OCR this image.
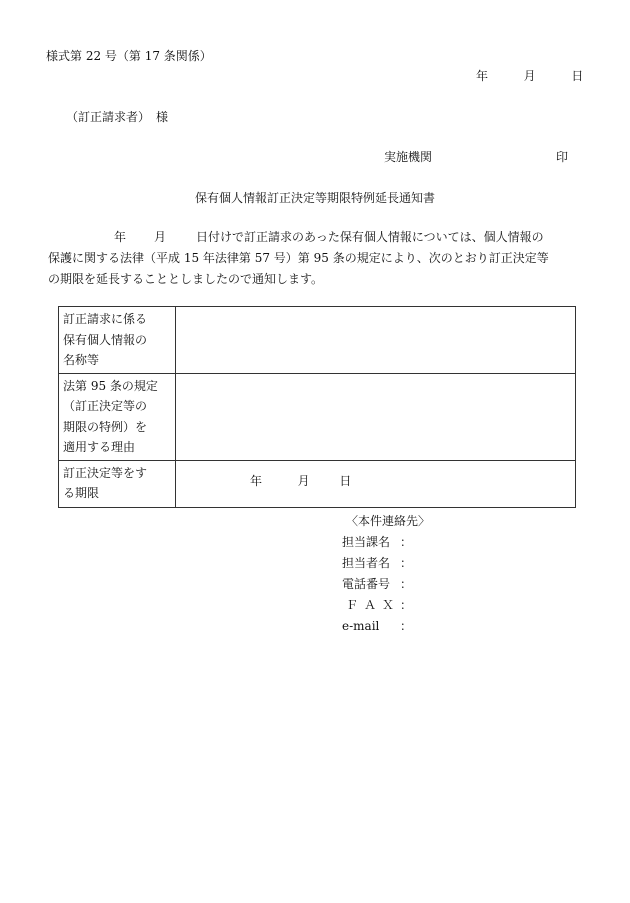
様式第 22 号（第 17 条関係）
年	月	日
（訂正請求者）　様
実施機関	印
保有個人情報訂正決定等期限特例延長通知書
年 月	日付けで訂正請求のあった保有個人情報については、個人情報の
保護に関する法律（平成 15 年法律第 57 号）第 95 条の規定により、次のとおり訂正決定等
の期限を延長することとしましたので通知します。
訂正請求に係る
保有個人情報の
名称等	
法第 95 条の規定
（訂正決定等の
期限の特例）を
適用する理由	
訂正決定等をす
る期限	年 月 日
〈本件連絡先〉
担当課名 ：
担当者名 ：
電話番号 ：
ＦＡＸ：
e-mail ：
